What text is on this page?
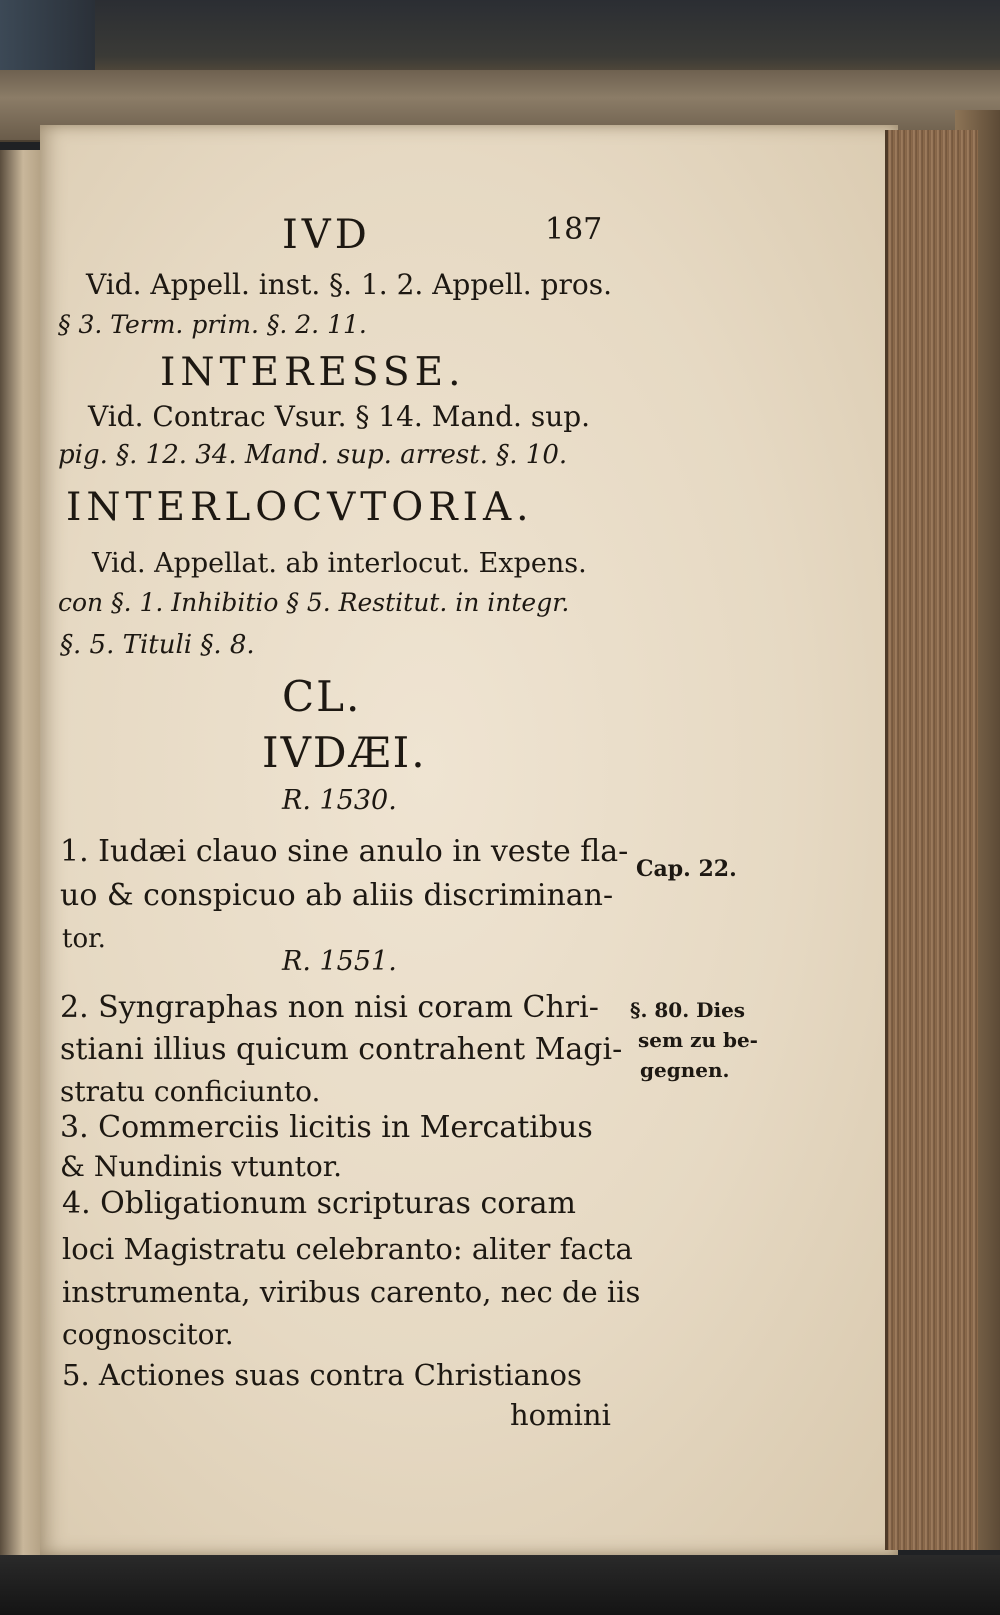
IVD	187
Vid. Appell. inst. §. 1. 2. Appell. pros.
§ 3. Term. prim. §. 2. 11.
INTERESSE.
Vid. Contrac Vsur. § 14. Mand. sup.
pig. §. 12. 34. Mand. sup. arrest. §. 10.
INTERLOCVTORIA.
Vid. Appellat. ab interlocut. Expens.
con §. 1. Inhibitio § 5. Restitut. in integr.
§. 5. Tituli §. 8.
CL.
IVDÆI.
R. 1530.
1. Iudæi clauo sine anulo in veste fla-
uo & conspicuo ab aliis discriminan-
tor.
R. 1551.
2. Syngraphas non nisi coram Chri-
stiani illius quicum contrahent Magi-
stratu conficiunto.
3. Commerciis licitis in Mercatibus
& Nundinis vtuntor.
4. Obligationum scripturas coram
loci Magistratu celebranto: aliter facta
instrumenta, viribus carento, nec de iis
cognoscitor.
5. Actiones suas contra Christianos
homini
Cap. 22.
§. 80. Dies
sem zu be-
gegnen.
